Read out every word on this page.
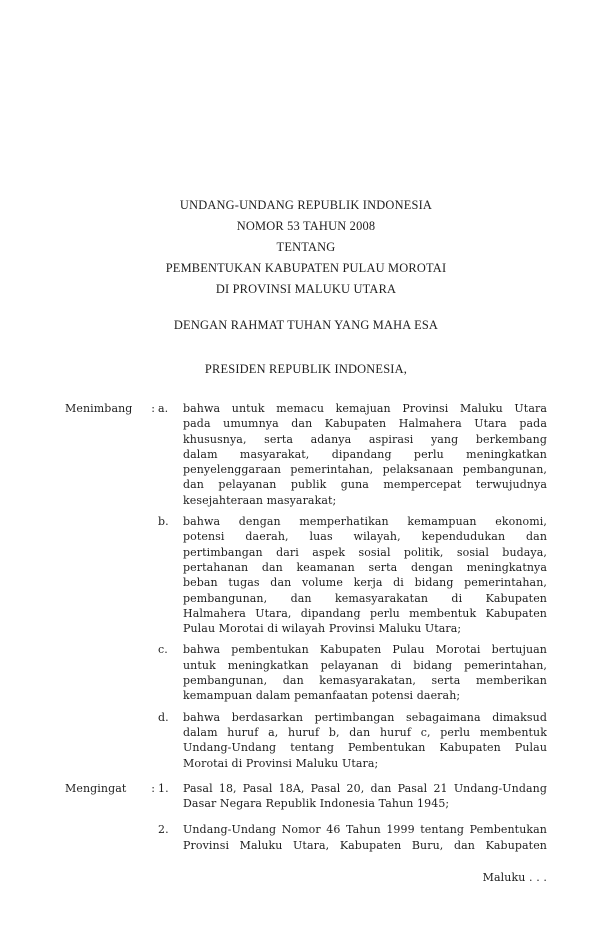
UNDANG-UNDANG REPUBLIK INDONESIA
NOMOR 53 TAHUN 2008
TENTANG
PEMBENTUKAN KABUPATEN PULAU MOROTAI
DI PROVINSI MALUKU UTARA
DENGAN RAHMAT TUHAN YANG MAHA ESA
PRESIDEN REPUBLIK INDONESIA,
Menimbang : a.	bahwa untuk memacu kemajuan Provinsi Maluku Utara
pada umumnya dan Kabupaten Halmahera Utara pada
khususnya, serta adanya aspirasi yang berkembang
dalam masyarakat, dipandang perlu meningkatkan
penyelenggaraan pemerintahan, pelaksanaan pembangunan,
dan pelayanan publik guna mempercepat terwujudnya
kesejahteraan masyarakat;
b.	bahwa dengan memperhatikan kemampuan ekonomi,
potensi daerah, luas wilayah, kependudukan dan
pertimbangan dari aspek sosial politik, sosial budaya,
pertahanan dan keamanan serta dengan meningkatnya
beban tugas dan volume kerja di bidang pemerintahan,
pembangunan, dan kemasyarakatan di Kabupaten
Halmahera Utara, dipandang perlu membentuk Kabupaten
Pulau Morotai di wilayah Provinsi Maluku Utara;
c.	bahwa pembentukan Kabupaten Pulau Morotai bertujuan
untuk meningkatkan pelayanan di bidang pemerintahan,
pembangunan, dan kemasyarakatan, serta memberikan
kemampuan dalam pemanfaatan potensi daerah;
d.	bahwa berdasarkan pertimbangan sebagaimana dimaksud
dalam huruf a, huruf b, dan huruf c, perlu membentuk
Undang-Undang tentang Pembentukan Kabupaten Pulau
Morotai di Provinsi Maluku Utara;
Mengingat : 1.	Pasal 18, Pasal 18A, Pasal 20, dan Pasal 21 Undang-Undang
Dasar Negara Republik Indonesia Tahun 1945;
2.	Undang-Undang Nomor 46 Tahun 1999 tentang Pembentukan
Provinsi Maluku Utara, Kabupaten Buru, dan Kabupaten
Maluku . . .
